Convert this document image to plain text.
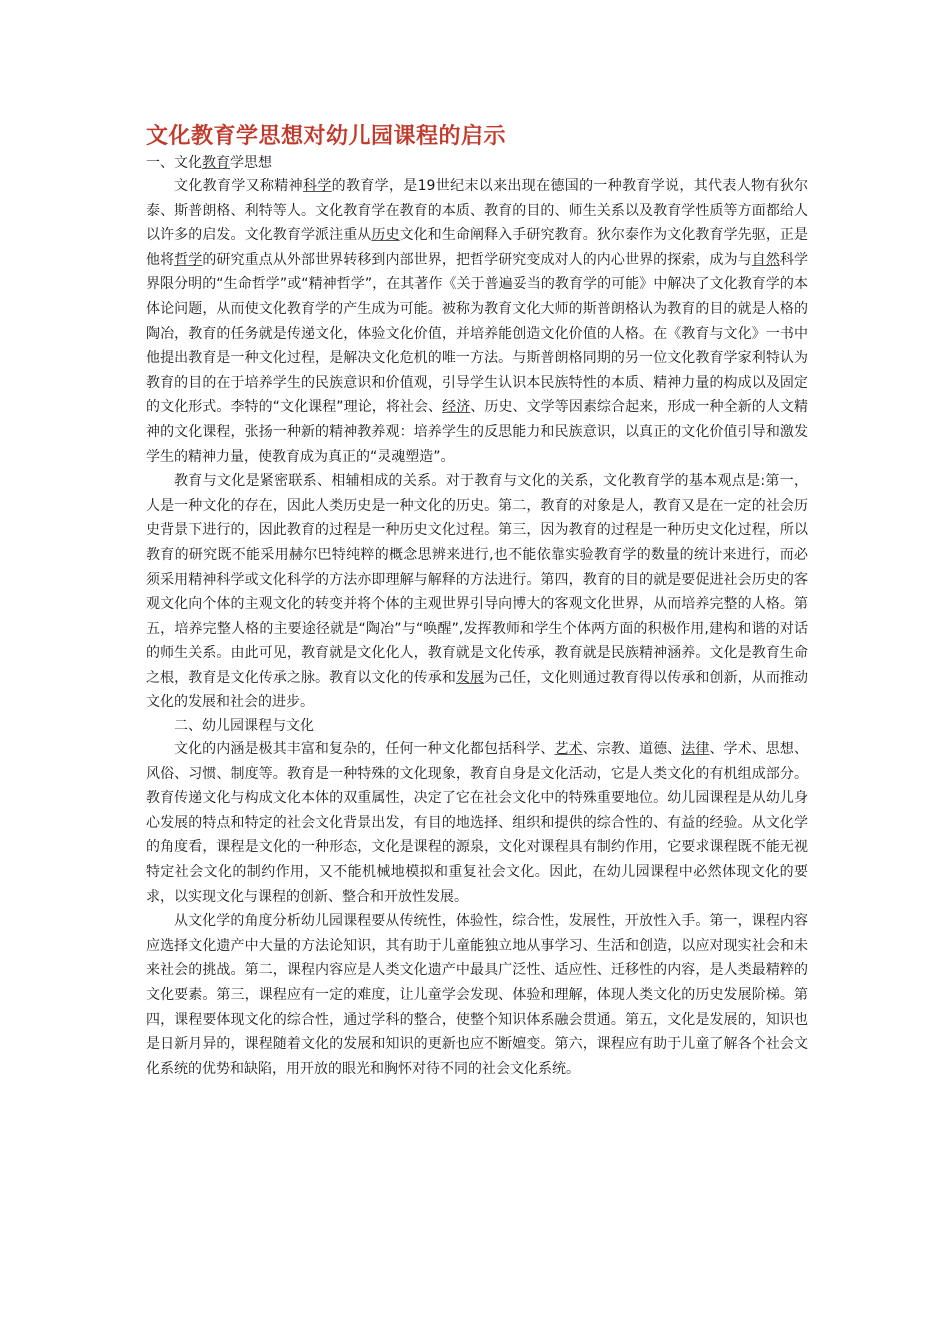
文化教育学思想对幼儿园课程的启示

一、文化教育学思想

文化教育学又称精神科学的教育学，是19世纪末以来出现在德国的一种教育学说，其代表人物有狄尔泰、斯普朗格、利特等人。文化教育学在教育的本质、教育的目的、师生关系以及教育学性质等方面都给人以许多的启发。文化教育学派注重从历史文化和生命阐释入手研究教育。狄尔泰作为文化教育学先驱，正是他将哲学的研究重点从外部世界转移到内部世界，把哲学研究变成对人的内心世界的探索，成为与自然科学界限分明的“生命哲学”或“精神哲学”，在其著作《关于普遍妥当的教育学的可能》中解决了文化教育学的本体论问题，从而使文化教育学的产生成为可能。被称为教育文化大师的斯普朗格认为教育的目的就是人格的陶冶，教育的任务就是传递文化，体验文化价值，并培养能创造文化价值的人格。在《教育与文化》一书中他提出教育是一种文化过程，是解决文化危机的唯一方法。与斯普朗格同期的另一位文化教育学家利特认为教育的目的在于培养学生的民族意识和价值观，引导学生认识本民族特性的本质、精神力量的构成以及固定的文化形式。李特的“文化课程”理论，将社会、经济、历史、文学等因素综合起来，形成一种全新的人文精神的文化课程，张扬一种新的精神教养观：培养学生的反思能力和民族意识，以真正的文化价值引导和激发学生的精神力量，使教育成为真正的“灵魂塑造”。

教育与文化是紧密联系、相辅相成的关系。对于教育与文化的关系，文化教育学的基本观点是:第一，人是一种文化的存在，因此人类历史是一种文化的历史。第二，教育的对象是人，教育又是在一定的社会历史背景下进行的，因此教育的过程是一种历史文化过程。第三，因为教育的过程是一种历史文化过程，所以教育的研究既不能采用赫尔巴特纯粹的概念思辨来进行,也不能依靠实验教育学的数量的统计来进行，而必须采用精神科学或文化科学的方法亦即理解与解释的方法进行。第四，教育的目的就是要促进社会历史的客观文化向个体的主观文化的转变并将个体的主观世界引导向博大的客观文化世界，从而培养完整的人格。第五，培养完整人格的主要途径就是“陶冶”与“唤醒”,发挥教师和学生个体两方面的积极作用,建构和谐的对话的师生关系。由此可见，教育就是文化化人，教育就是文化传承，教育就是民族精神涵养。文化是教育生命之根，教育是文化传承之脉。教育以文化的传承和发展为己任，文化则通过教育得以传承和创新，从而推动文化的发展和社会的进步。

二、幼儿园课程与文化

文化的内涵是极其丰富和复杂的，任何一种文化都包括科学、艺术、宗教、道德、法律、学术、思想、风俗、习惯、制度等。教育是一种特殊的文化现象，教育自身是文化活动，它是人类文化的有机组成部分。教育传递文化与构成文化本体的双重属性，决定了它在社会文化中的特殊重要地位。幼儿园课程是从幼儿身心发展的特点和特定的社会文化背景出发，有目的地选择、组织和提供的综合性的、有益的经验。从文化学的角度看，课程是文化的一种形态，文化是课程的源泉，文化对课程具有制约作用，它要求课程既不能无视特定社会文化的制约作用，又不能机械地模拟和重复社会文化。因此，在幼儿园课程中必然体现文化的要求，以实现文化与课程的创新、整合和开放性发展。

从文化学的角度分析幼儿园课程要从传统性，体验性，综合性，发展性，开放性入手。第一，课程内容应选择文化遗产中大量的方法论知识，其有助于儿童能独立地从事学习、生活和创造，以应对现实社会和未来社会的挑战。第二，课程内容应是人类文化遗产中最具广泛性、适应性、迁移性的内容，是人类最精粹的文化要素。第三，课程应有一定的难度，让儿童学会发现、体验和理解，体现人类文化的历史发展阶梯。第四，课程要体现文化的综合性，通过学科的整合，使整个知识体系融会贯通。第五，文化是发展的，知识也是日新月异的，课程随着文化的发展和知识的更新也应不断嬗变。第六，课程应有助于儿童了解各个社会文化系统的优势和缺陷，用开放的眼光和胸怀对待不同的社会文化系统。
